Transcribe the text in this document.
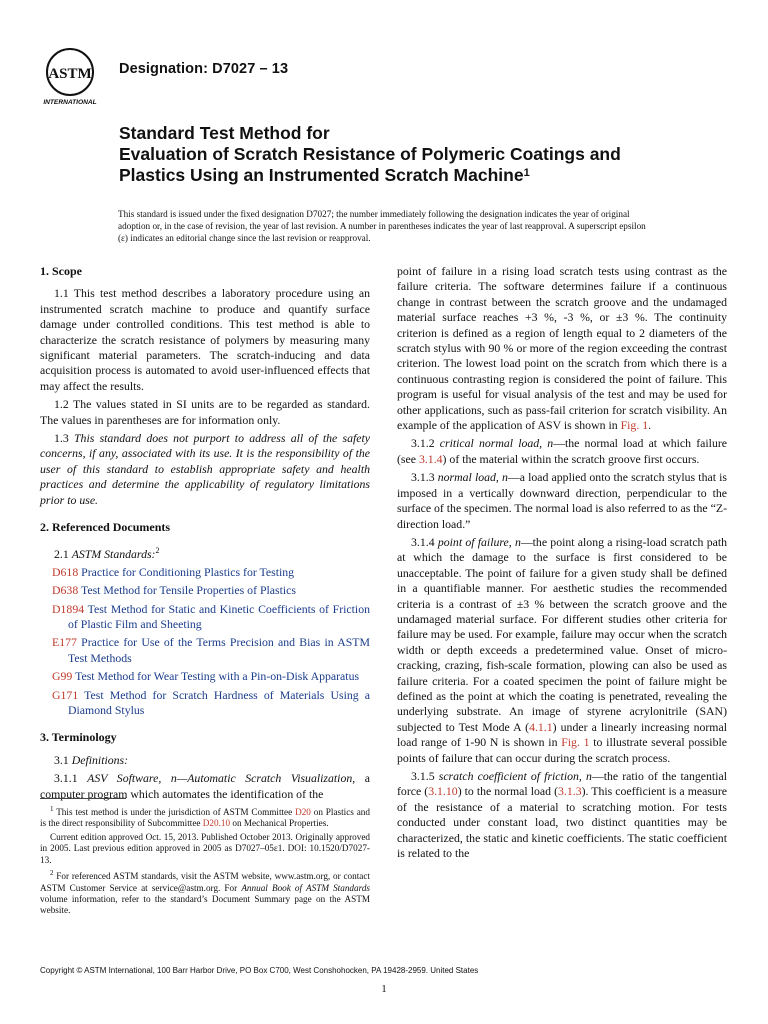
ASTM
INTERNATIONAL
Designation: D7027 – 13
Standard Test Method for
Evaluation of Scratch Resistance of Polymeric Coatings and
Plastics Using an Instrumented Scratch Machine$^1$
This standard is issued under the fixed designation D7027; the number immediately following the designation indicates the year of original adoption or, in the case of revision, the year of last revision. A number in parentheses indicates the year of last reapproval. A superscript epsilon (ε) indicates an editorial change since the last revision or reapproval.
1. Scope

1.1 This test method describes a laboratory procedure using an instrumented scratch machine to produce and quantify surface damage under controlled conditions. This test method is able to characterize the scratch resistance of polymers by measuring many significant material parameters. The scratch-inducing and data acquisition process is automated to avoid user-influenced effects that may affect the results.

1.2 The values stated in SI units are to be regarded as standard. The values in parentheses are for information only.

1.3 This standard does not purport to address all of the safety concerns, if any, associated with its use. It is the responsibility of the user of this standard to establish appropriate safety and health practices and determine the applicability of regulatory limitations prior to use.

2. Referenced Documents

2.1 ASTM Standards:$^2$

D618 Practice for Conditioning Plastics for Testing

D638 Test Method for Tensile Properties of Plastics

D1894 Test Method for Static and Kinetic Coefficients of Friction of Plastic Film and Sheeting

E177 Practice for Use of the Terms Precision and Bias in ASTM Test Methods

G99 Test Method for Wear Testing with a Pin-on-Disk Apparatus

G171 Test Method for Scratch Hardness of Materials Using a Diamond Stylus

3. Terminology

3.1 Definitions:

3.1.1 ASV Software, n—Automatic Scratch Visualization, a computer program which automates the identification of the

$^1$ This test method is under the jurisdiction of ASTM Committee D20 on Plastics and is the direct responsibility of Subcommittee D20.10 on Mechanical Properties.

Current edition approved Oct. 15, 2013. Published October 2013. Originally approved in 2005. Last previous edition approved in 2005 as D7027–05ε1. DOI: 10.1520/D7027-13.

$^2$ For referenced ASTM standards, visit the ASTM website, www.astm.org, or contact ASTM Customer Service at service@astm.org. For Annual Book of ASTM Standards volume information, refer to the standard’s Document Summary page on the ASTM website.

point of failure in a rising load scratch tests using contrast as the failure criteria. The software determines failure if a continuous change in contrast between the scratch groove and the undamaged material surface reaches +3 %, -3 %, or ±3 %. The continuity criterion is defined as a region of length equal to 2 diameters of the scratch stylus with 90 % or more of the region exceeding the contrast criterion. The lowest load point on the scratch from which there is a continuous contrasting region is considered the point of failure. This program is useful for visual analysis of the test and may be used for other applications, such as pass-fail criterion for scratch visibility. An example of the application of ASV is shown in Fig. 1.

3.1.2 critical normal load, n—the normal load at which failure (see 3.1.4) of the material within the scratch groove first occurs.

3.1.3 normal load, n—a load applied onto the scratch stylus that is imposed in a vertically downward direction, perpendicular to the surface of the specimen. The normal load is also referred to as the “Z-direction load.”

3.1.4 point of failure, n—the point along a rising-load scratch path at which the damage to the surface is first considered to be unacceptable. The point of failure for a given study shall be defined in a quantifiable manner. For aesthetic studies the recommended criteria is a contrast of ±3 % between the scratch groove and the undamaged material surface. For different studies other criteria for failure may be used. For example, failure may occur when the scratch width or depth exceeds a predetermined value. Onset of micro-cracking, crazing, fish-scale formation, plowing can also be used as failure criteria. For a coated specimen the point of failure might be defined as the point at which the coating is penetrated, revealing the underlying substrate. An image of styrene acrylonitrile (SAN) subjected to Test Mode A (4.1.1) under a linearly increasing normal load range of 1-90 N is shown in Fig. 1 to illustrate several possible points of failure that can occur during the scratch process.

3.1.5 scratch coefficient of friction, n—the ratio of the tangential force (3.1.10) to the normal load (3.1.3). This coefficient is a measure of the resistance of a material to scratching motion. For tests conducted under constant load, two distinct quantities may be characterized, the static and kinetic coefficients. The static coefficient is related to the

Copyright © ASTM International, 100 Barr Harbor Drive, PO Box C700, West Conshohocken, PA 19428-2959. United States
1
